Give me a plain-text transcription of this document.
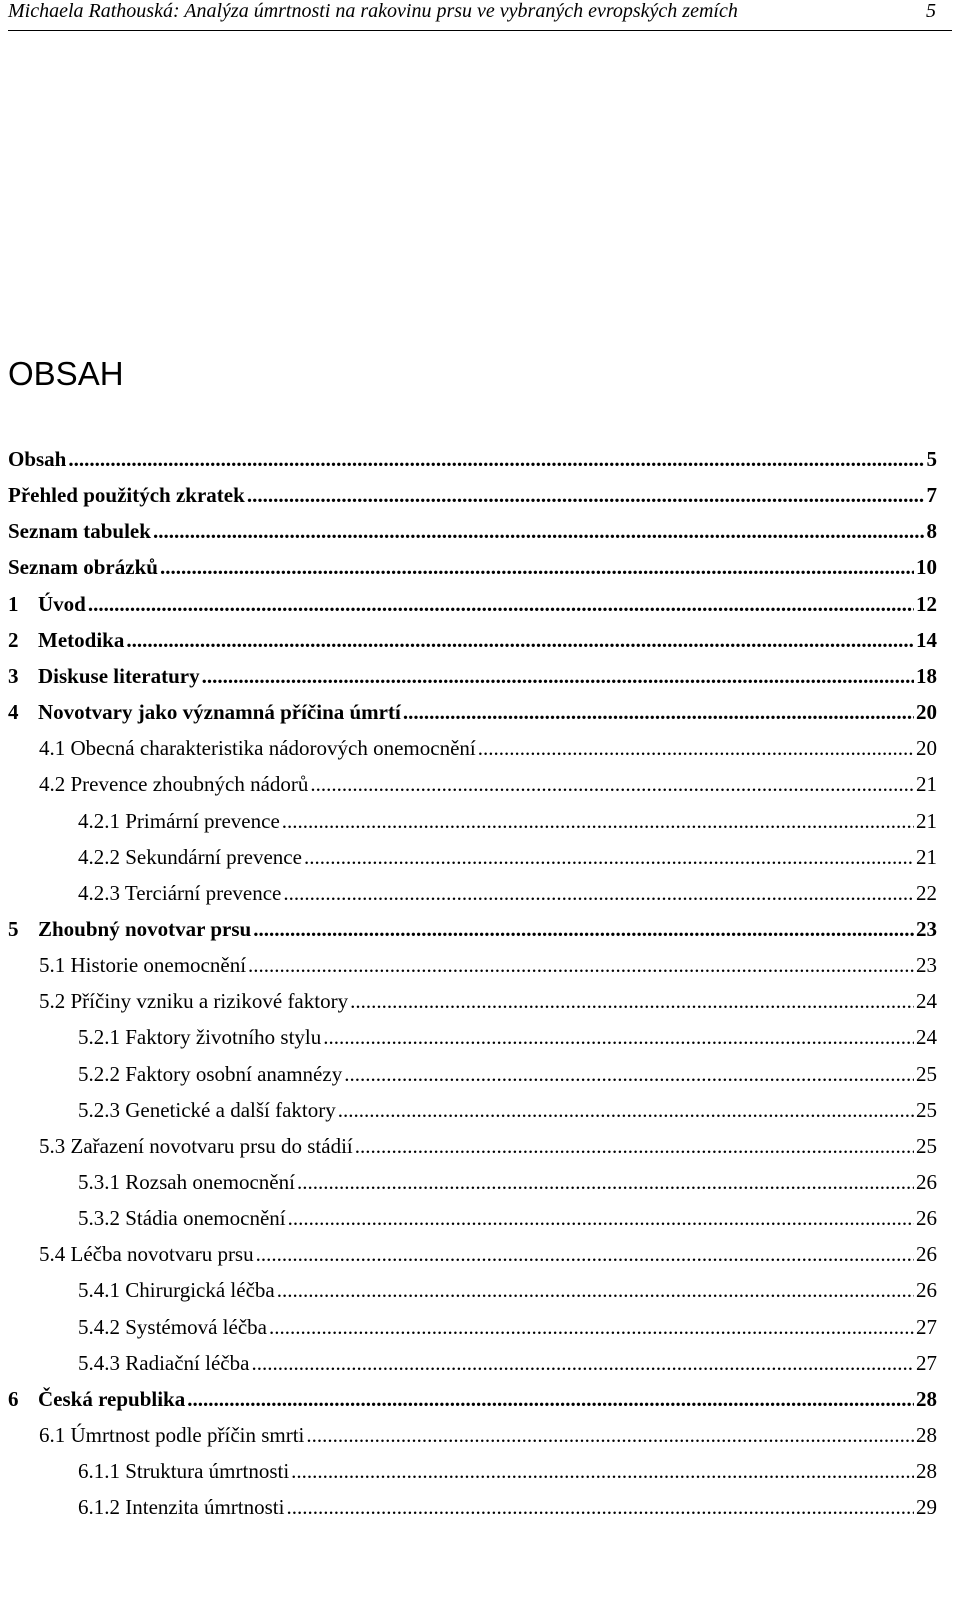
Michaela Rathouská: Analýza úmrtnosti na rakovinu prsu ve vybraných evropských zemích	5
OBSAH
Obsah .....	5
Přehled použitých zkratek .....	7
Seznam tabulek .....	8
Seznam obrázků .....	10
1 Úvod .....	12
2 Metodika .....	14
3 Diskuse literatury .....	18
4 Novotvary jako významná příčina úmrtí .....	20
4.1 Obecná charakteristika nádorových onemocnění .....	20
4.2 Prevence zhoubných nádorů .....	21
4.2.1 Primární prevence .....	21
4.2.2 Sekundární prevence .....	21
4.2.3 Terciární prevence .....	22
5 Zhoubný novotvar prsu .....	23
5.1 Historie onemocnění .....	23
5.2 Příčiny vzniku a rizikové faktory .....	24
5.2.1 Faktory životního stylu .....	24
5.2.2 Faktory osobní anamnézy .....	25
5.2.3 Genetické a další faktory .....	25
5.3 Zařazení novotvaru prsu do stádií .....	25
5.3.1 Rozsah onemocnění .....	26
5.3.2 Stádia onemocnění .....	26
5.4 Léčba novotvaru prsu .....	26
5.4.1 Chirurgická léčba .....	26
5.4.2 Systémová léčba .....	27
5.4.3 Radiační léčba .....	27
6 Česká republika .....	28
6.1 Úmrtnost podle příčin smrti .....	28
6.1.1 Struktura úmrtnosti .....	28
6.1.2 Intenzita úmrtnosti .....	29
